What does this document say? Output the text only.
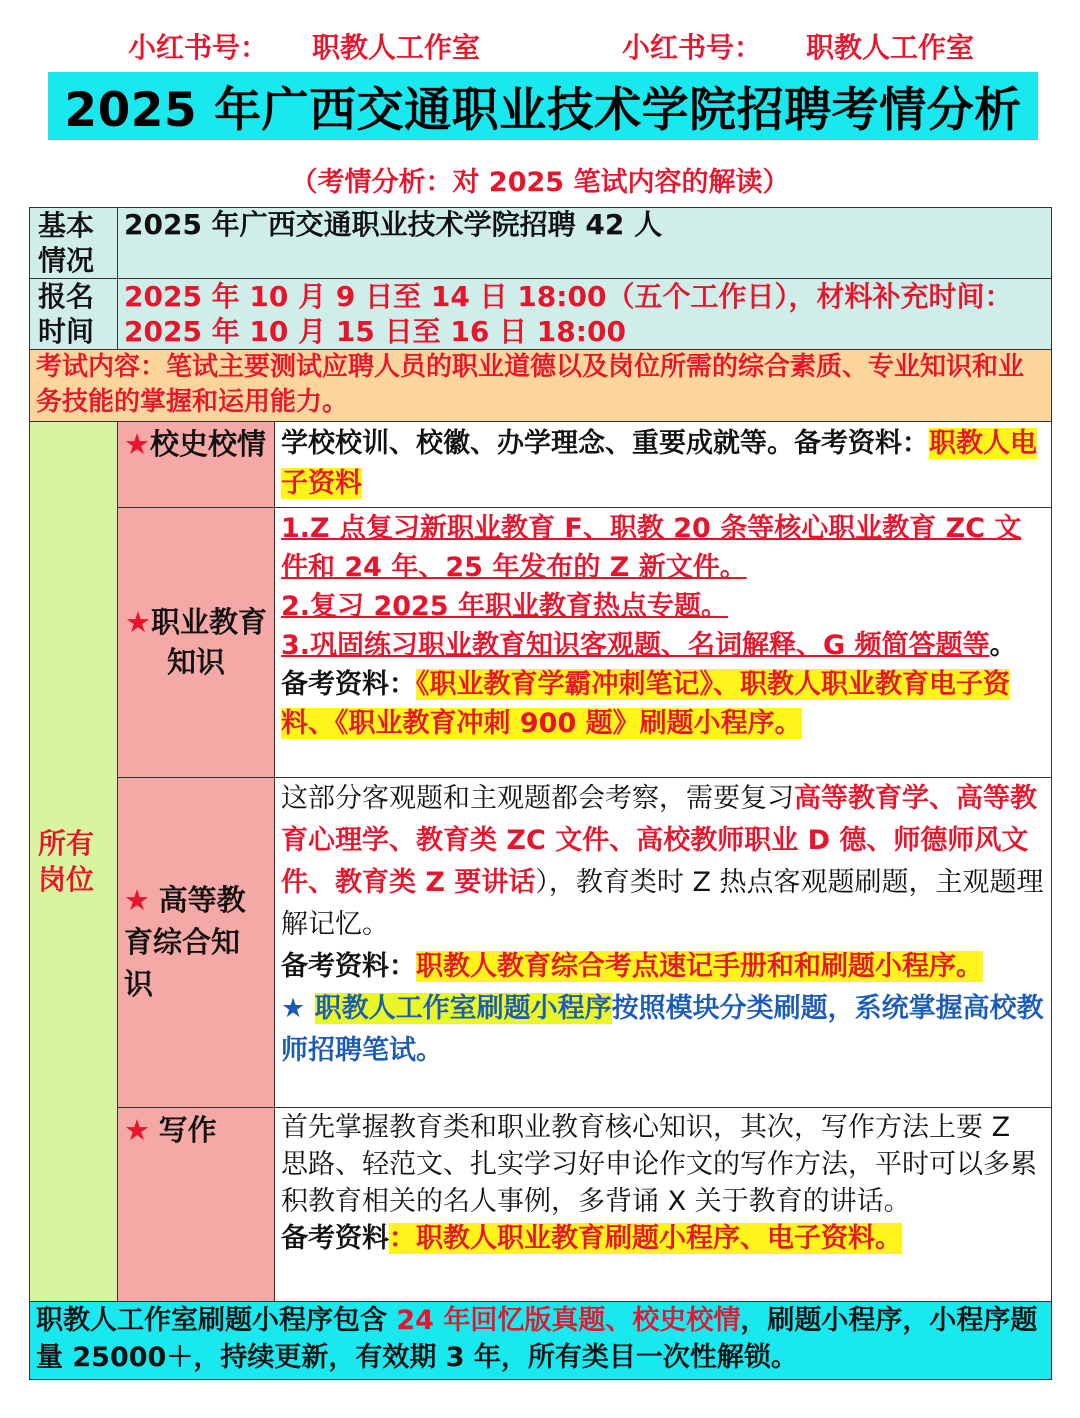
小红书号： 职教人工作室	小红书号： 职教人工作室
2025 年广西交通职业技术学院招聘考情分析
（考情分析：对 2025 笔试内容的解读）
基本情况	2025 年广西交通职业技术学院招聘 42 人	
报名时间	2025 年 10 月 9 日至 14 日 18:00（五个工作日），材料补充时间：
2025 年 10 月 15 日至 16 日 18:00	

考试内容：笔试主要测试应聘人员的职业道德以及岗位所需的综合素质、专业知识和业务技能的掌握和运用能力。		
所有岗位	★校史校情	学校校训、校徽、办学理念、重要成就等。备考资料：职教人电子资料
	★职业教育知识	1.Z 点复习新职业教育 F、职教 20 条等核心职业教育 ZC 文件和 24 年、25 年发布的 Z 新文件。
2.复习 2025 年职业教育热点专题。
3.巩固练习职业教育知识客观题、名词解释、G 频简答题等。
备考资料：《职业教育学霸冲刺笔记》、职教人职业教育电子资料、《职业教育冲刺 900 题》刷题小程序。

	★ 高等教育综合知识	这部分客观题和主观题都会考察，需要复习高等教育学、高等教育心理学、教育类 ZC 文件、高校教师职业 D 德、师德师风文件、教育类 Z 要讲话），教育类时 Z 热点客观题刷题，主观题理解记忆。
备考资料：职教人教育综合考点速记手册和和刷题小程序。
★ 职教人工作室刷题小程序按照模块分类刷题，系统掌握高校教师招聘笔试。

	★ 写作	首先掌握教育类和职业教育核心知识，其次，写作方法上要 Z 思路、轻范文、扎实学习好申论作文的写作方法，平时可以多累积教育相关的名人事例，多背诵 X 关于教育的讲话。
备考资料：职教人职业教育刷题小程序、电子资料。

职教人工作室刷题小程序包含 24 年回忆版真题、校史校情，刷题小程序，小程序题量 25000＋，持续更新，有效期 3 年，所有类目一次性解锁。		
